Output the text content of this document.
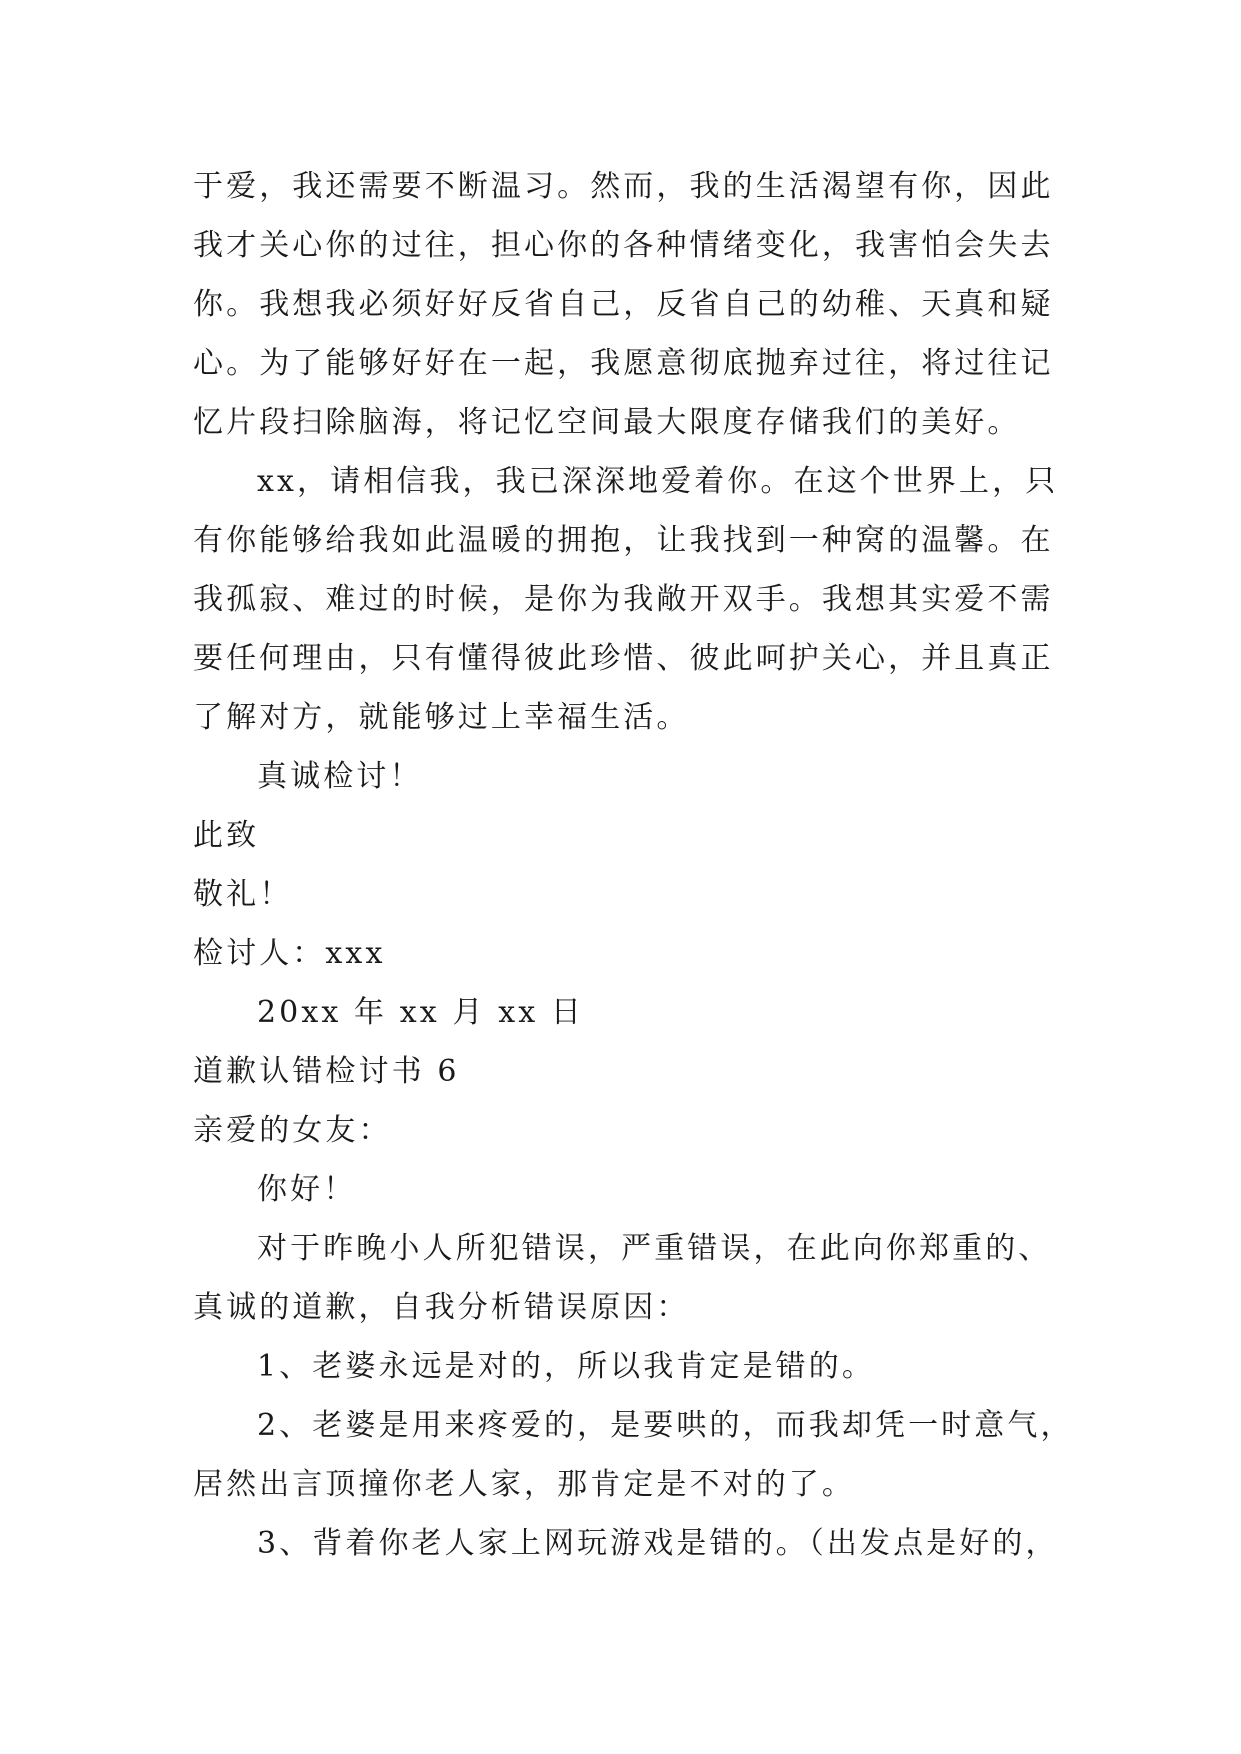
于爱，我还需要不断温习。然而，我的生活渴望有你，因此
我才关心你的过往，担心你的各种情绪变化，我害怕会失去
你。我想我必须好好反省自己，反省自己的幼稚、天真和疑
心。为了能够好好在一起，我愿意彻底抛弃过往，将过往记
忆片段扫除脑海，将记忆空间最大限度存储我们的美好。
xx，请相信我，我已深深地爱着你。在这个世界上，只
有你能够给我如此温暖的拥抱，让我找到一种窝的温馨。在
我孤寂、难过的时候，是你为我敞开双手。我想其实爱不需
要任何理由，只有懂得彼此珍惜、彼此呵护关心，并且真正
了解对方，就能够过上幸福生活。
真诚检讨！
此致
敬礼！
检讨人：xxx
20xx 年 xx 月 xx 日
道歉认错检讨书 6
亲爱的女友：
你好！
对于昨晚小人所犯错误，严重错误，在此向你郑重的、
真诚的道歉，自我分析错误原因：
1、老婆永远是对的，所以我肯定是错的。
2、老婆是用来疼爱的，是要哄的，而我却凭一时意气，
居然出言顶撞你老人家，那肯定是不对的了。
3、背着你老人家上网玩游戏是错的。（出发点是好的，
